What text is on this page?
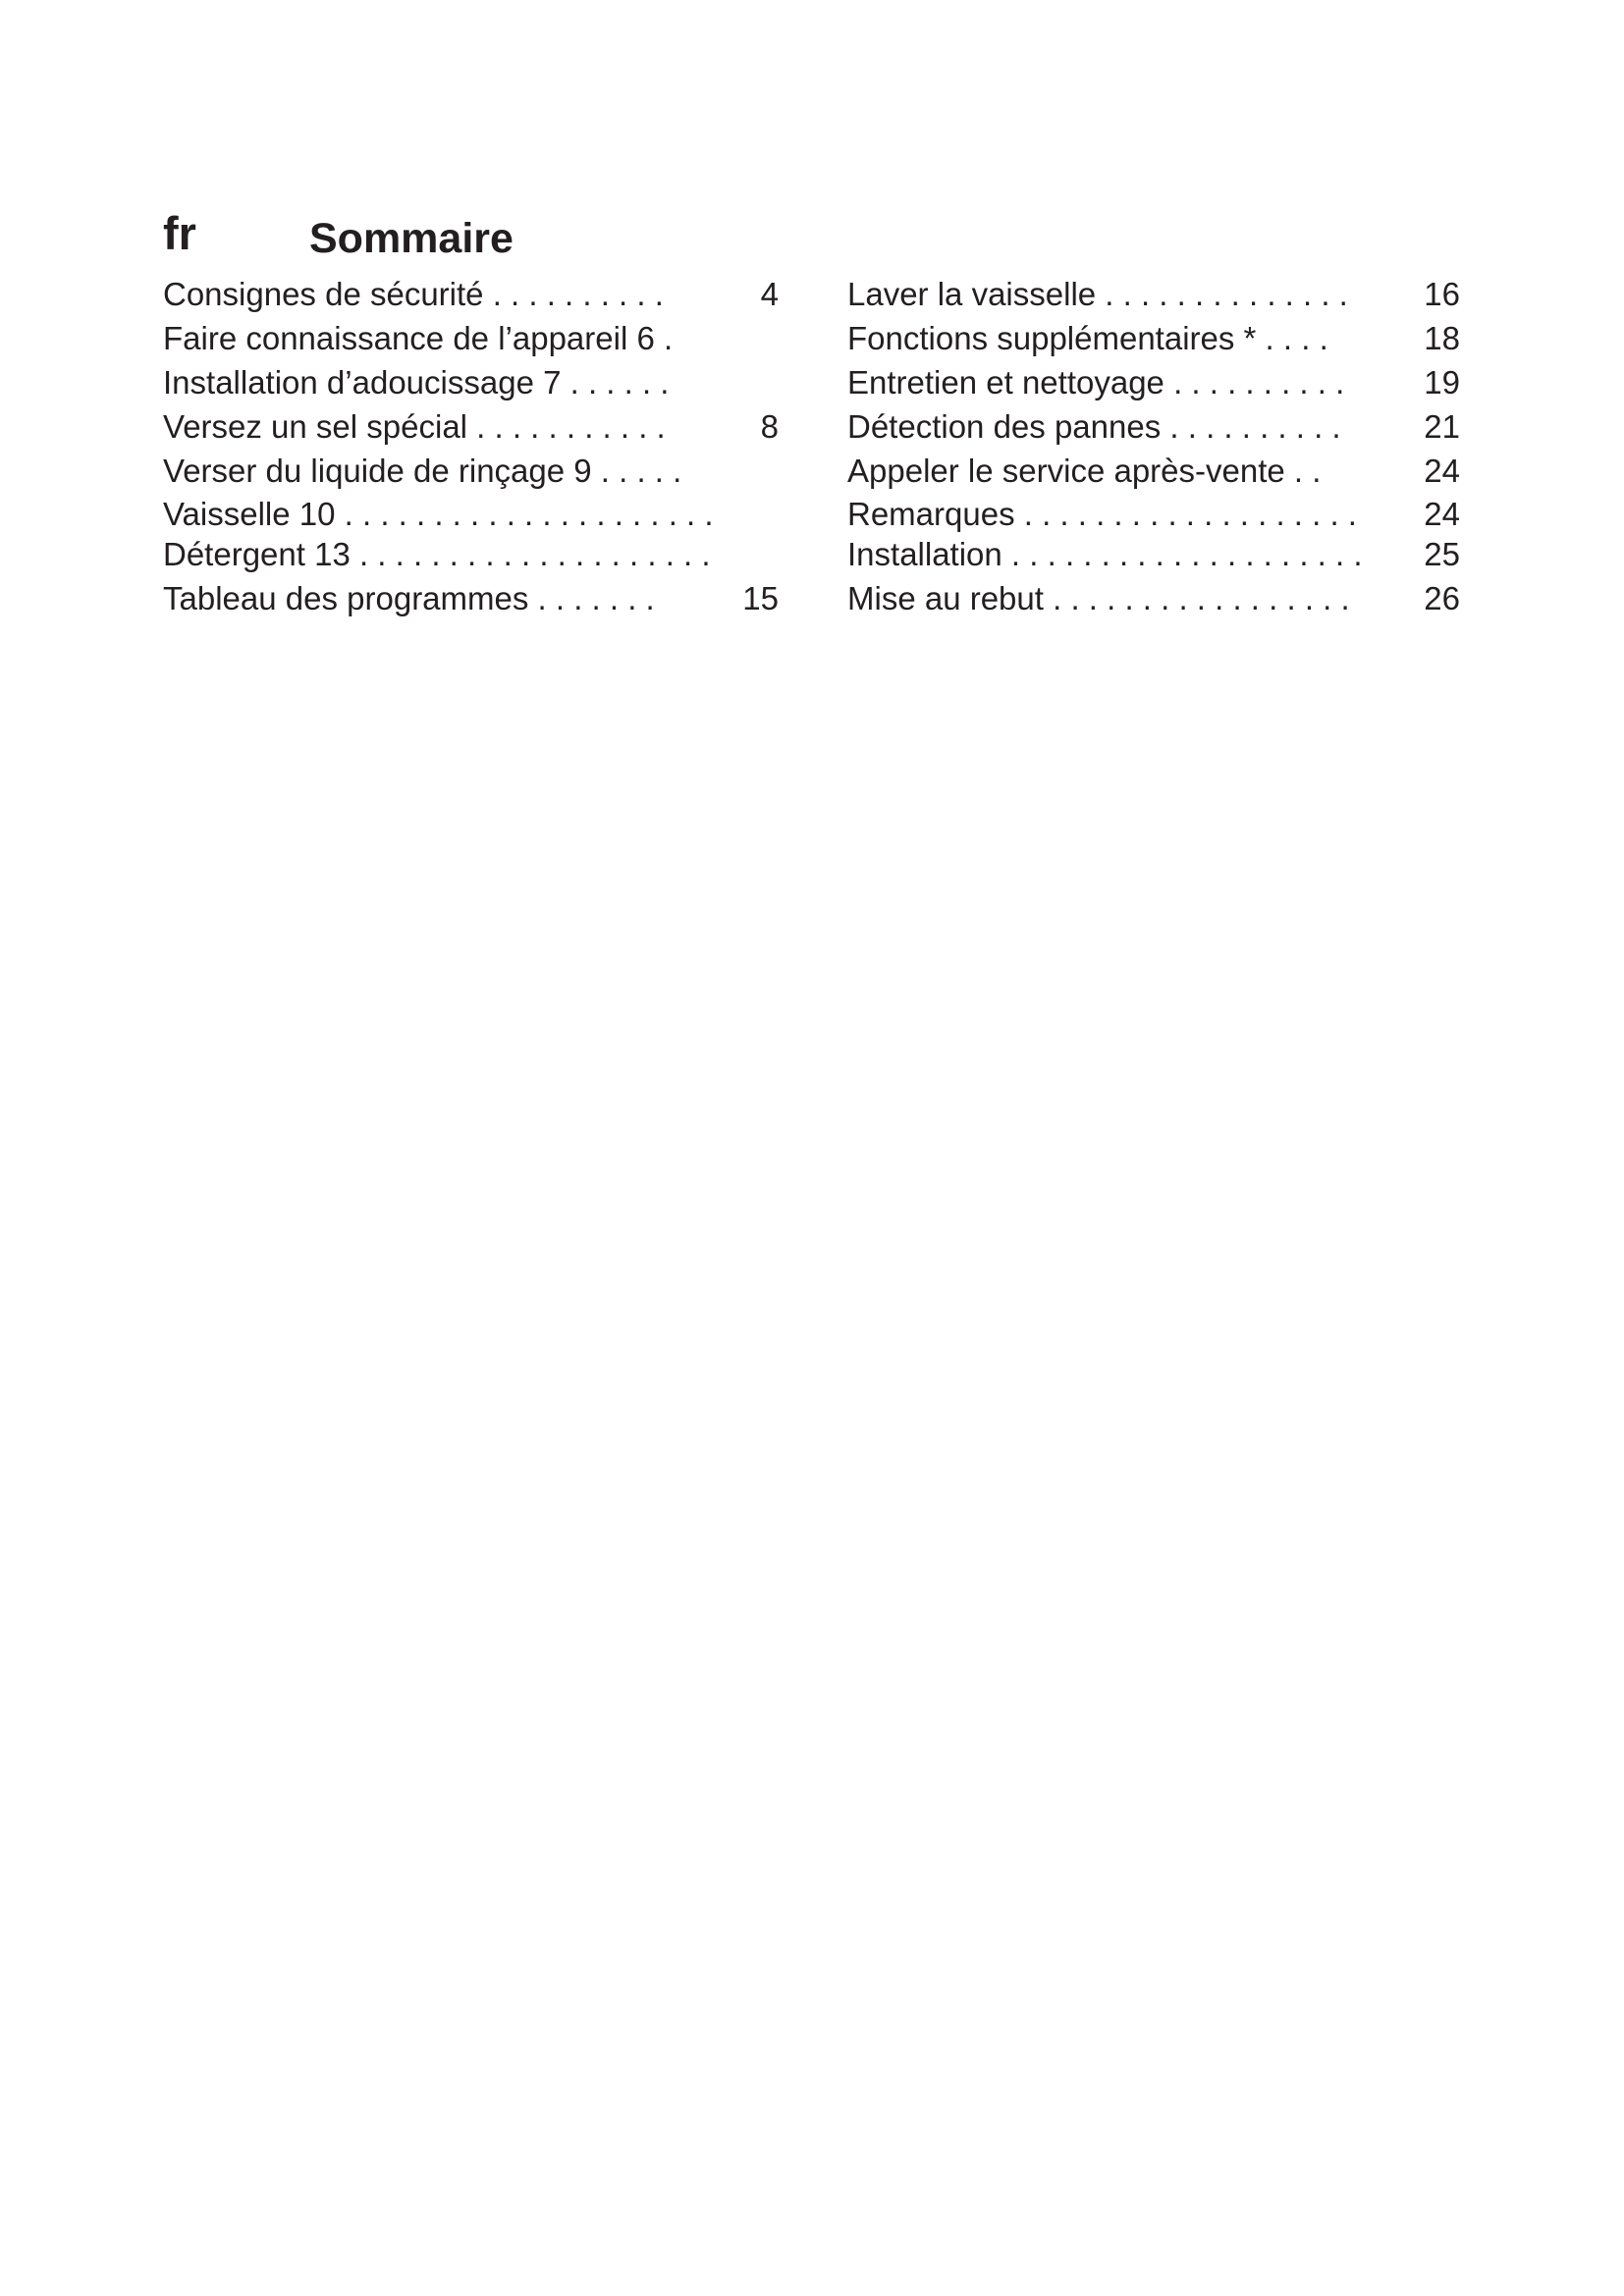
fr	Sommaire
Consignes de sécurité . . . . . . . . . .	4
Faire connaissance de l’appareil 6 .
Installation d’adoucissage 7 . . . . . .
Versez un sel spécial . . . . . . . . . . .	8
Verser du liquide de rinçage 9 . . . . .
Vaisselle 10 . . . . . . . . . . . . . . . . . . . . .
Détergent 13 . . . . . . . . . . . . . . . . . . . .
Tableau des programmes . . . . . . .	15
Laver la vaisselle . . . . . . . . . . . . . . 16
Fonctions supplémentaires * . . . .	18
Entretien et nettoyage . . . . . . . . . . 19
Détection des pannes . . . . . . . . . .	21
Appeler le service après-vente . .	24
Remarques . . . . . . . . . . . . . . . . . . . 24
Installation . . . . . . . . . . . . . . . . . . . . 25
Mise au rebut . . . . . . . . . . . . . . . . . 26
